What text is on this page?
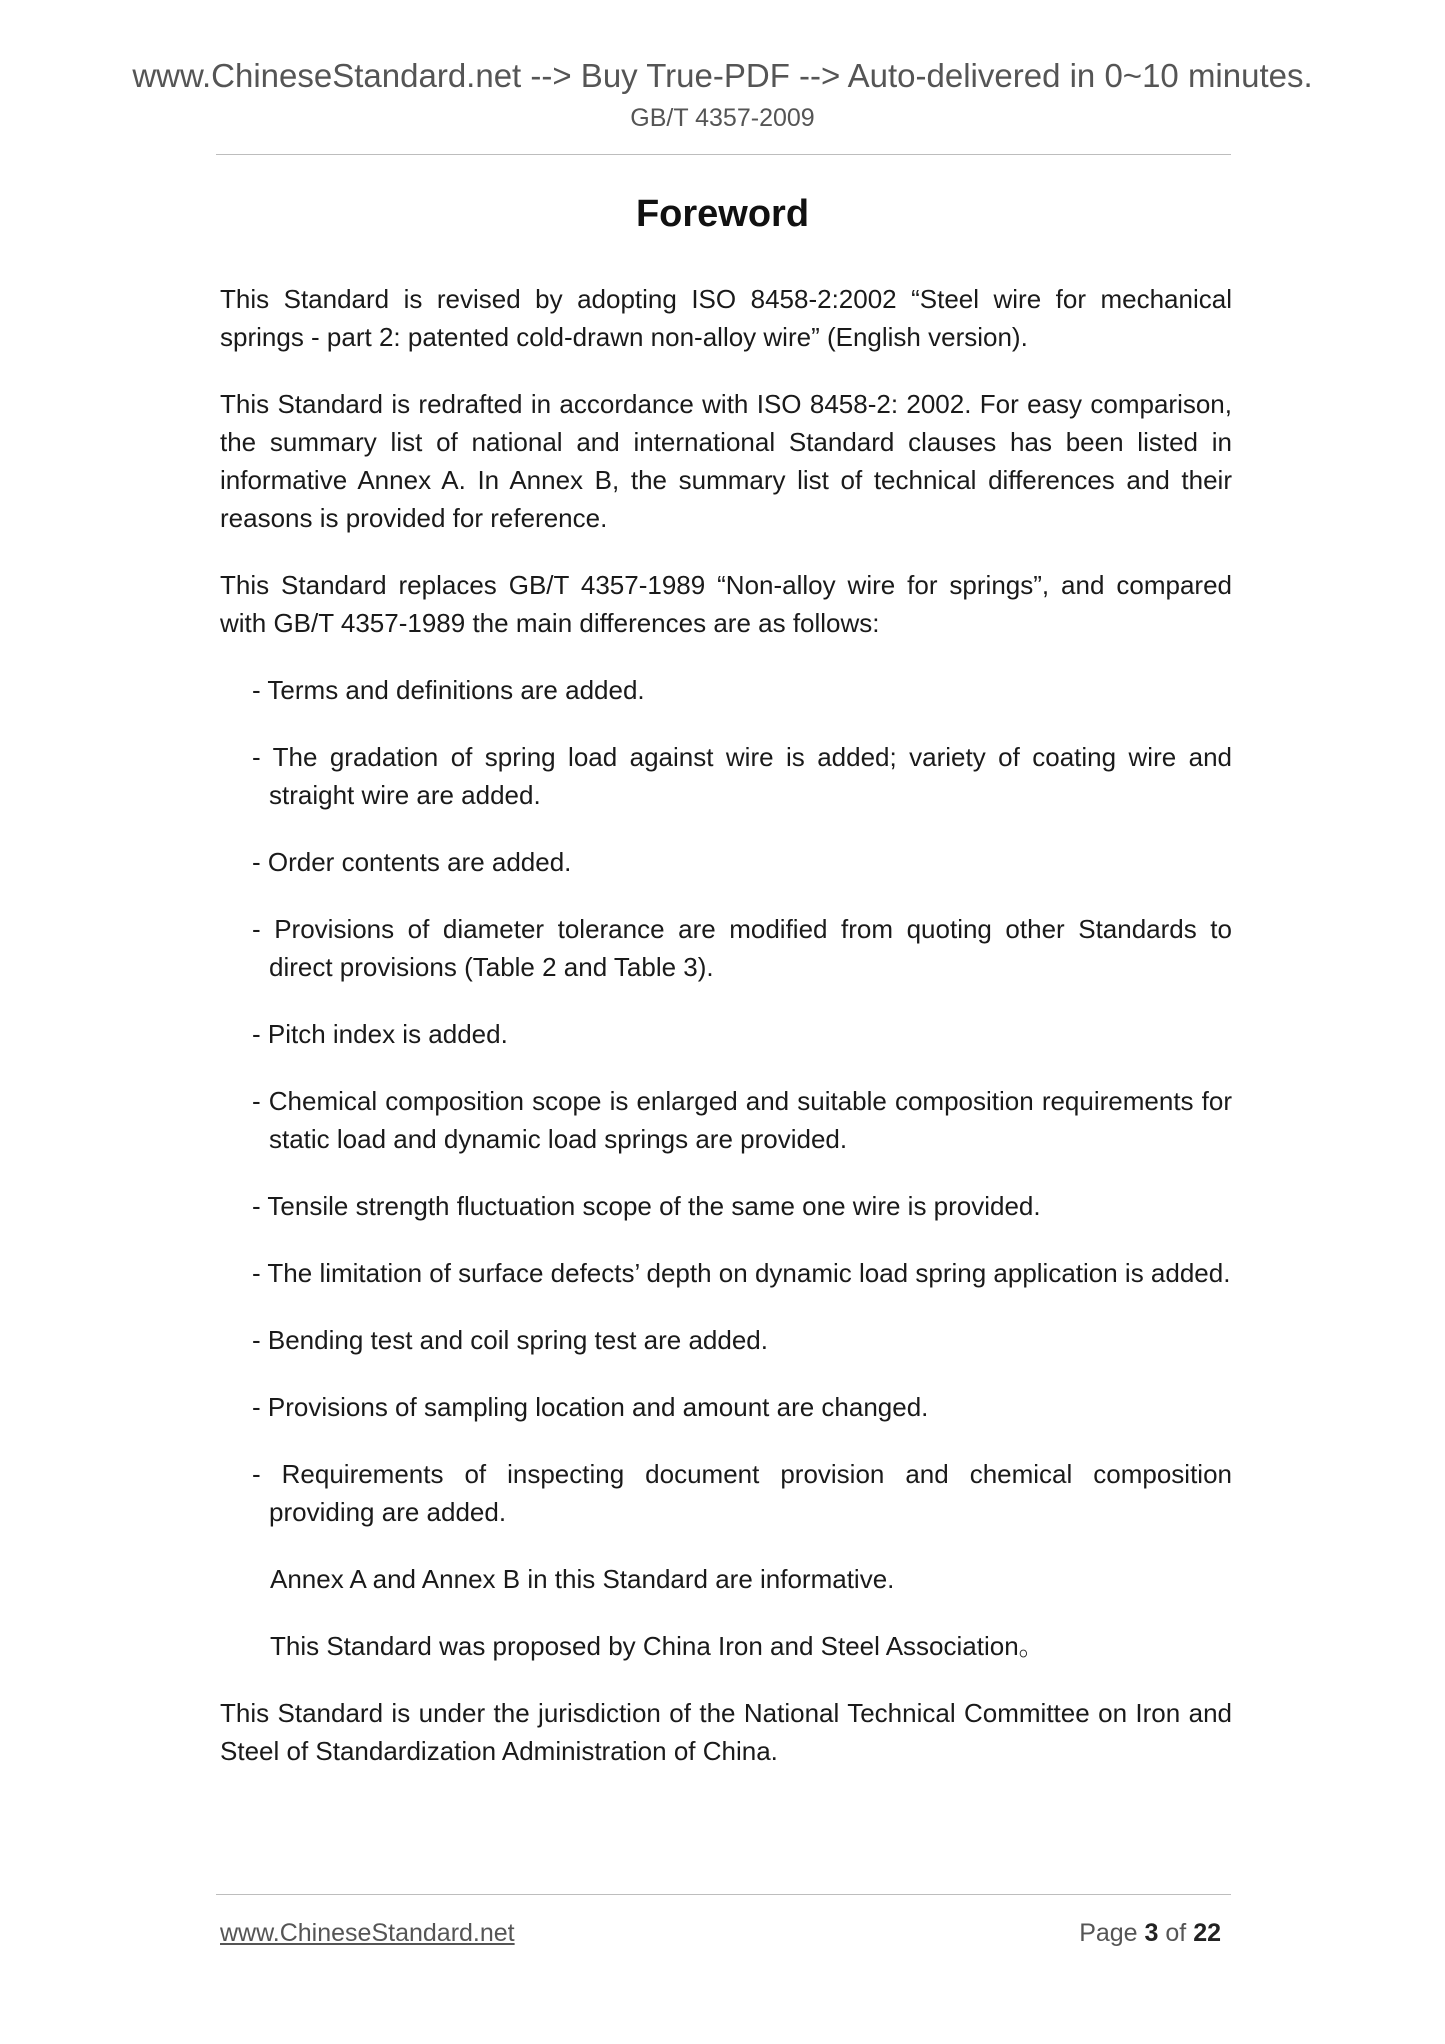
www.ChineseStandard.net --> Buy True-PDF --> Auto-delivered in 0~10 minutes.
GB/T 4357-2009
Foreword

This Standard is revised by adopting ISO 8458-2:2002 “Steel wire for mechanical springs - part 2: patented cold-drawn non-alloy wire” (English version).

This Standard is redrafted in accordance with ISO 8458-2: 2002. For easy comparison, the summary list of national and international Standard clauses has been listed in informative Annex A. In Annex B, the summary list of technical differences and their reasons is provided for reference.

This Standard replaces GB/T 4357-1989 “Non-alloy wire for springs”, and compared with GB/T 4357-1989 the main differences are as follows:

- Terms and definitions are added.
- The gradation of spring load against wire is added; variety of coating wire and straight wire are added.
- Order contents are added.
- Provisions of diameter tolerance are modified from quoting other Standards to direct provisions (Table 2 and Table 3).
- Pitch index is added.
- Chemical composition scope is enlarged and suitable composition requirements for static load and dynamic load springs are provided.
- Tensile strength fluctuation scope of the same one wire is provided.
- The limitation of surface defects’ depth on dynamic load spring application is added.
- Bending test and coil spring test are added.
- Provisions of sampling location and amount are changed.
- Requirements of inspecting document provision and chemical composition providing are added.
Annex A and Annex B in this Standard are informative.
This Standard was proposed by China Iron and Steel Association。

This Standard is under the jurisdiction of the National Technical Committee on Iron and Steel of Standardization Administration of China.

www.ChineseStandard.net	Page 3 of 22
